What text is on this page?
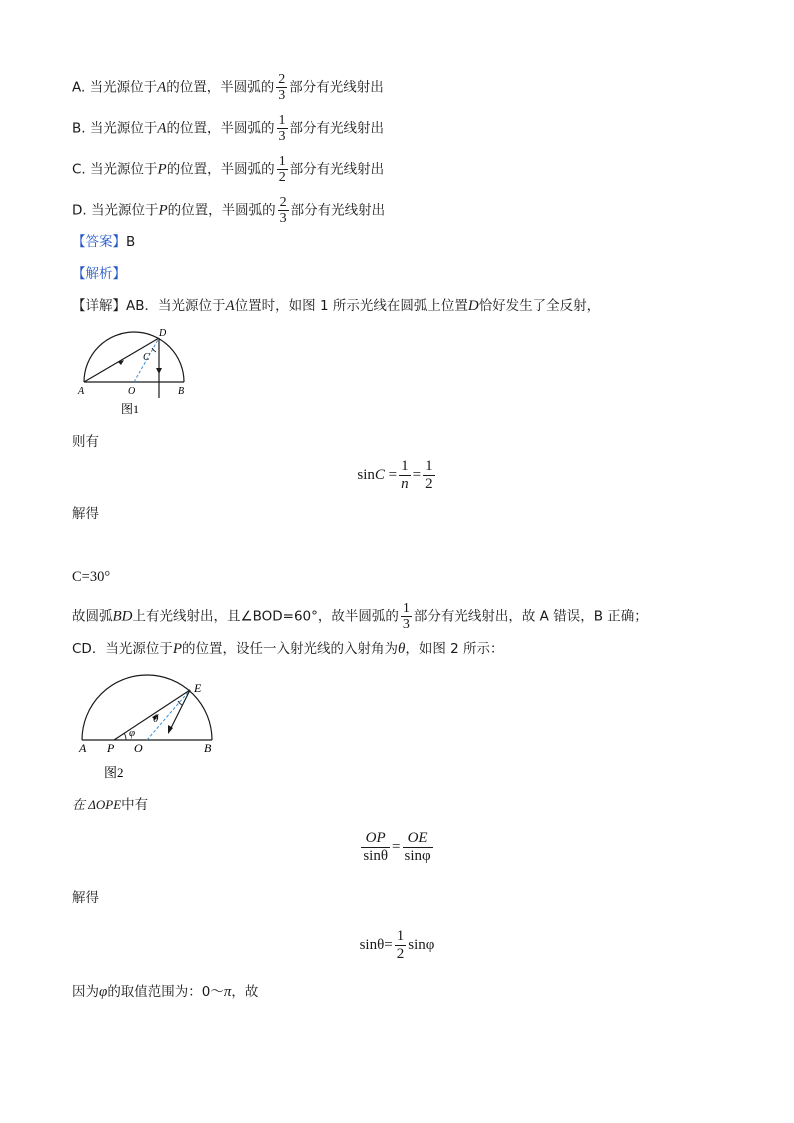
A. 当光源位于A的位置，半圆弧的 $\frac{2}{3}$ 部分有光线射出
B. 当光源位于A的位置，半圆弧的 $\frac{1}{3}$ 部分有光线射出
C. 当光源位于P的位置，半圆弧的 $\frac{1}{2}$ 部分有光线射出
D. 当光源位于P的位置，半圆弧的 $\frac{2}{3}$ 部分有光线射出
【答案】B
【解析】
【详解】AB．当光源位于A位置时，如图 1 所示光线在圆弧上位置D恰好发生了全反射，
A	O	B
D
C
图1
则有
$\sin C = \frac{1}{n} = \frac{1}{2}$
解得
C=30°
故圆弧BD上有光线射出，且∠BOD=60°，故半圆弧的 $\frac{1}{3}$ 部分有光线射出，故 A 错误，B 正确；
CD．当光源位于P的位置，设任一入射光线的入射角为θ，如图 2 所示：
A P O	B
E
θ
φ
图2
在 ΔOPE中有
$\frac{OP}{\sin\theta} = \frac{OE}{\sin\varphi}$
解得
$\sin\theta= \frac{1}{2}$ sinφ
因为φ的取值范围为：0～π，故
